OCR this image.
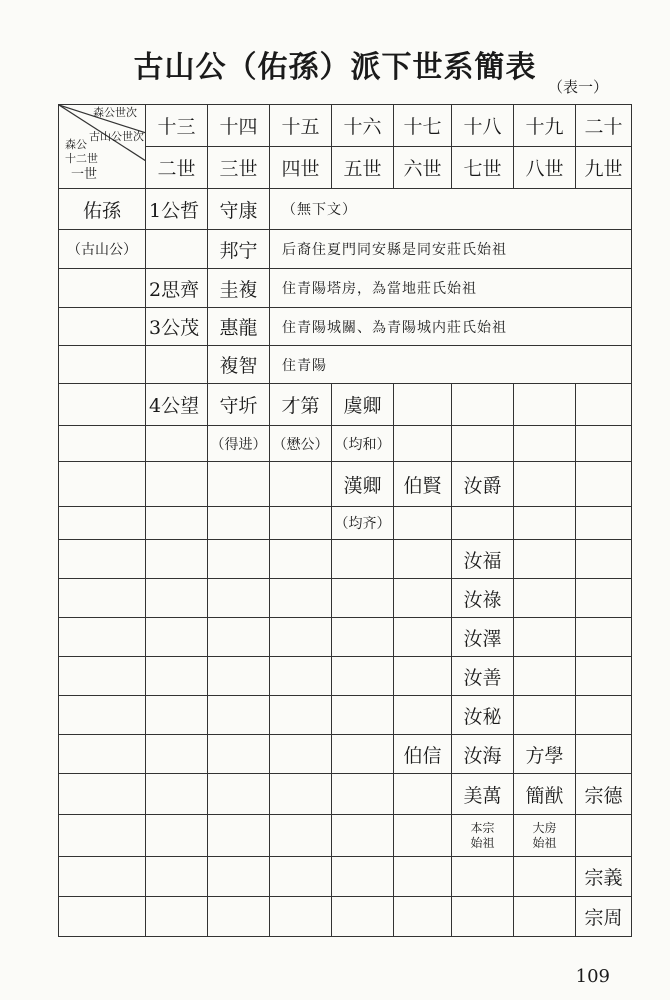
古山公（佑孫）派下世系簡表
（表一）
森公世次
古山公世次
森公
十二世
一世	十三	十四	十五	十六	十七	十八	十九	二十
	二世	三世	四世	五世	六世	七世	八世	九世
佑孫	1公哲	守康	（無下文）					
（古山公）		邦宁	后裔住夏門同安縣是同安莊氏始祖					
	2思齊	圭複	住青陽塔房，為當地莊氏始祖					
	3公茂	惠龍	住青陽城關、為青陽城内莊氏始祖					
		複智	住青陽					
	4公望	守圻	才第	虞卿				
		（得进）	（懋公）	（均和）				
				漢卿	伯賢	汝爵		
				（均齐）				
						汝福		
						汝祿		
						汝澤		
						汝善		
						汝秘		
					伯信	汝海	方學	
						美萬	簡猷	宗德

						本宗始祖	大房始祖	

								宗義
								宗周
109
